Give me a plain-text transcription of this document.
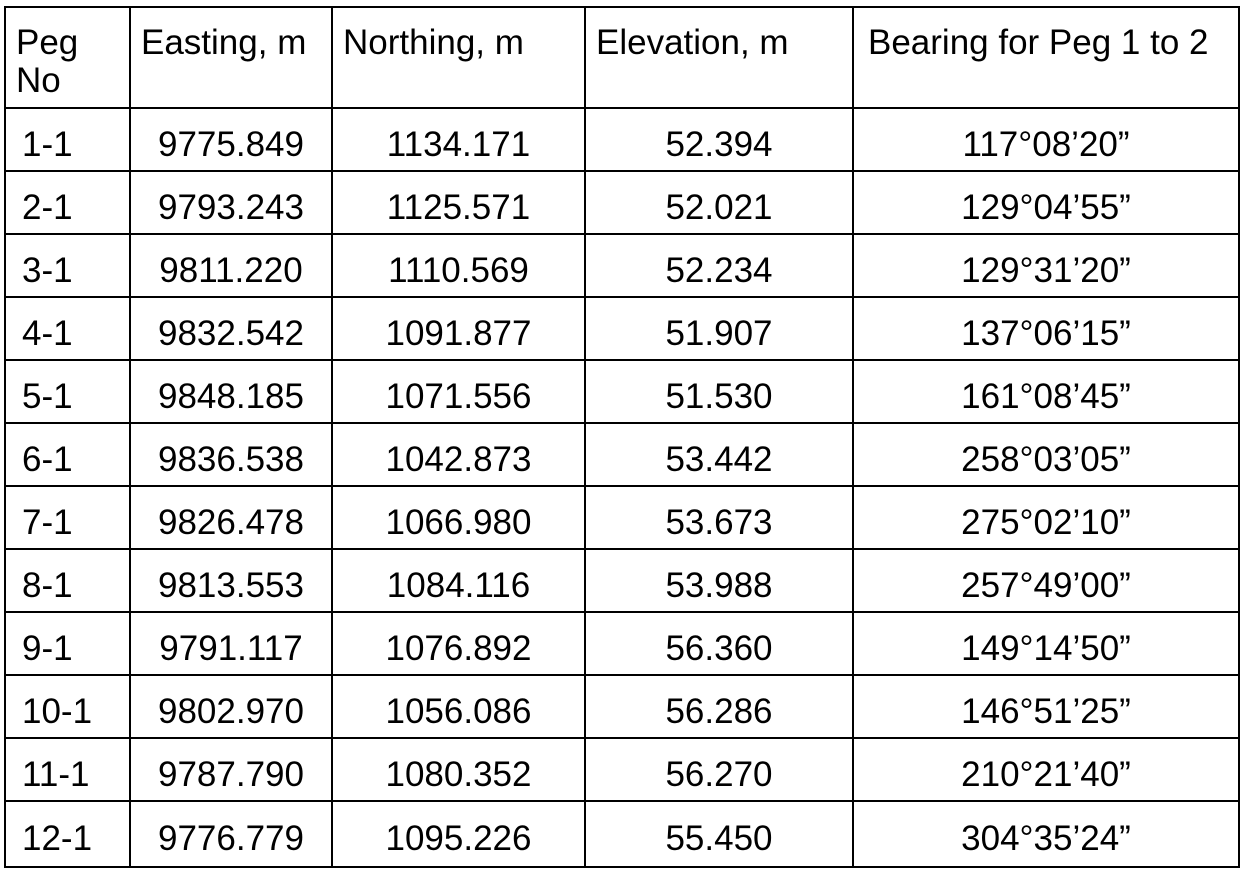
Peg No	Easting, m	Northing, m	Elevation, m	Bearing for Peg 1 to 2
1-1	9775.849	1134.171	52.394	117°08’20”
2-1	9793.243	1125.571	52.021	129°04’55”
3-1	9811.220	1110.569	52.234	129°31’20”
4-1	9832.542	1091.877	51.907	137°06’15”
5-1	9848.185	1071.556	51.530	161°08’45”
6-1	9836.538	1042.873	53.442	258°03’05”
7-1	9826.478	1066.980	53.673	275°02’10”
8-1	9813.553	1084.116	53.988	257°49’00”
9-1	9791.117	1076.892	56.360	149°14’50”
10-1	9802.970	1056.086	56.286	146°51’25”
11-1	9787.790	1080.352	56.270	210°21’40”
12-1	9776.779	1095.226	55.450	304°35’24”
